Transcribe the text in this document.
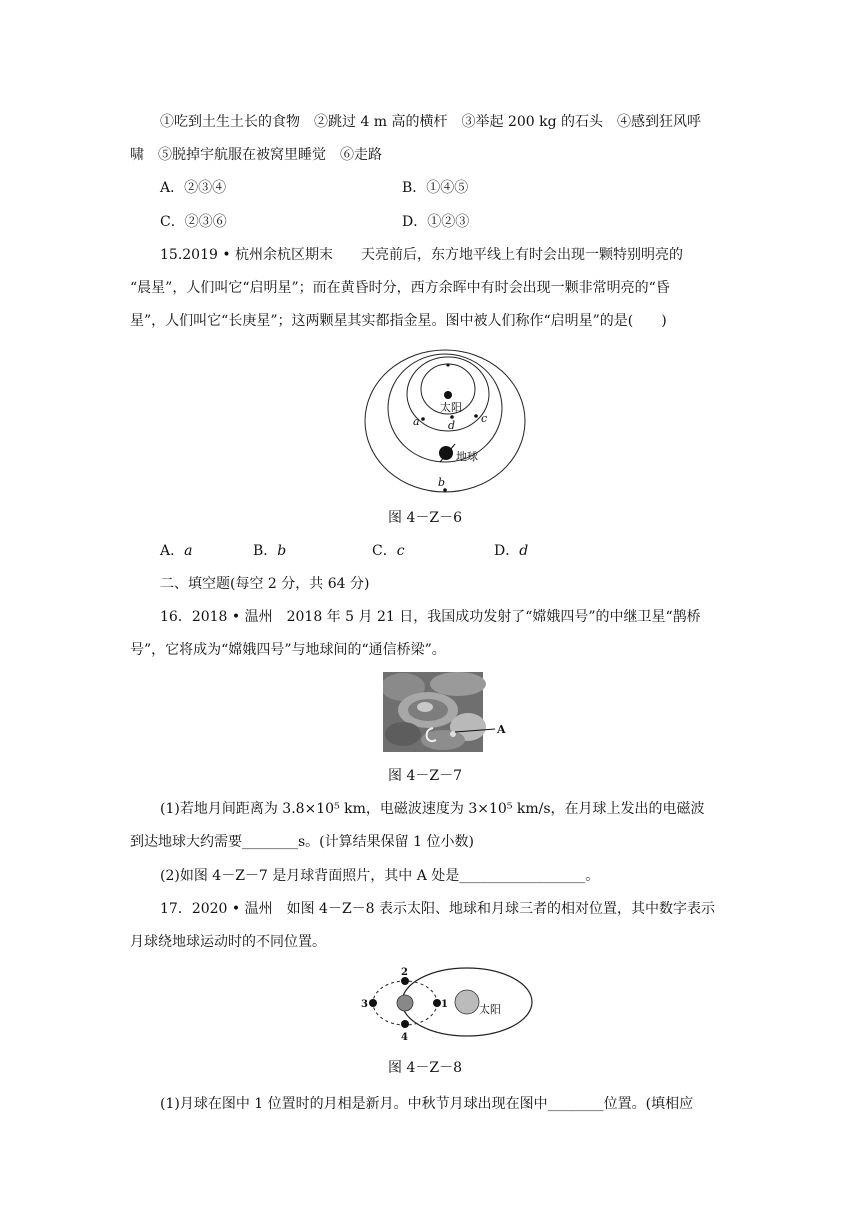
①吃到土生土长的食物　②跳过 4 m 高的横杆　③举起 200 kg 的石头　④感到狂风呼
啸　⑤脱掉宇航服在被窝里睡觉　⑥走路
A．②③④	B．①④⑤
C．②③⑥	D．①②③
15.2019 • 杭州余杭区期末　　天亮前后，东方地平线上有时会出现一颗特别明亮的
“晨星”，人们叫它“启明星”；而在黄昏时分，西方余晖中有时会出现一颗非常明亮的“昏
星”，人们叫它“长庚星”；这两颗星其实都指金星。图中被人们称作“启明星”的是(　　)
太阳
d
c
a
地球
b
图 4－Z－6
A．a	B．b	C．c	D．d
二、填空题(每空 2 分，共 64 分)
16．2018 • 温州　2018 年 5 月 21 日，我国成功发射了“嫦娥四号”的中继卫星“鹊桥
号”，它将成为“嫦娥四号”与地球间的“通信桥梁”。
A
图 4－Z－7
(1)若地月间距离为 3.8×10⁵ km，电磁波速度为 3×10⁵ km/s，在月球上发出的电磁波
到达地球大约需要________s。(计算结果保留 1 位小数)
(2)如图 4－Z－7 是月球背面照片，其中 A 处是__________________。
17．2020 • 温州　如图 4－Z－8 表示太阳、地球和月球三者的相对位置，其中数字表示
月球绕地球运动时的不同位置。
太阳
1
2
3
4
图 4－Z－8
(1)月球在图中 1 位置时的月相是新月。中秋节月球出现在图中________位置。(填相应
